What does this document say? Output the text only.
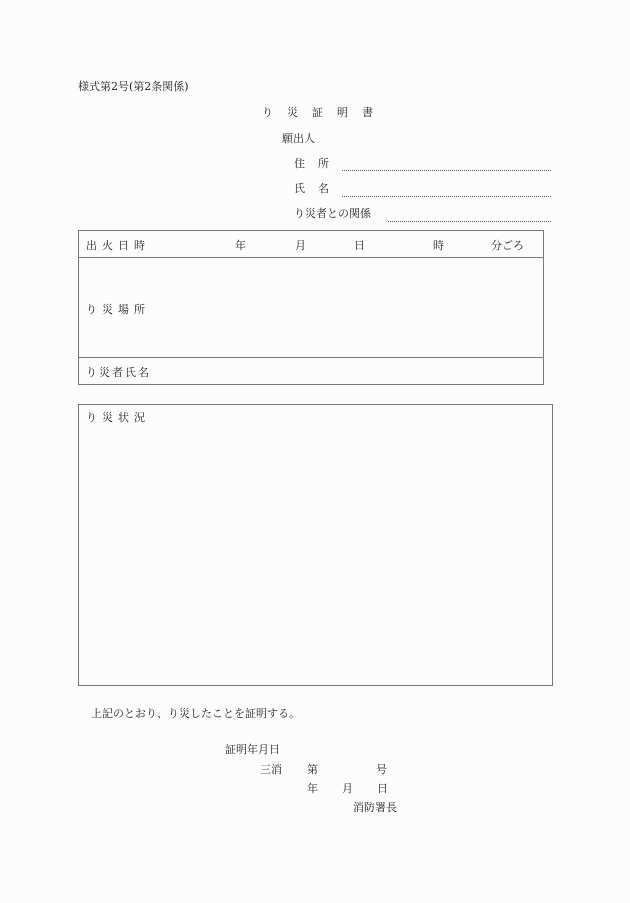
様式第2号(第2条関係)
り 災 証 明 書
願出人
住 所
氏 名
り災者との関係
出 火 日 時	年	月	日	時	分ごろ
り 災 場 所
り 災 者 氏 名
り 災 状 況
上記のとおり、り災したことを証明する。
証明年月日
三消 第	号
年 月 日
消防署長
